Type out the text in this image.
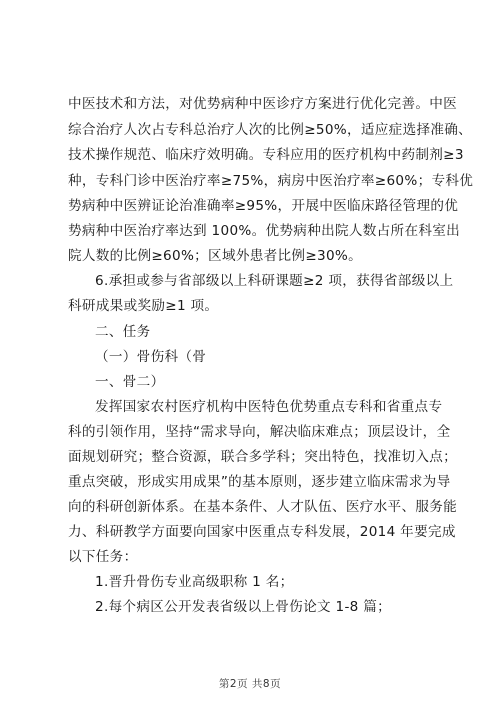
中医技术和方法，对优势病种中医诊疗方案进行优化完善。中医
综合治疗人次占专科总治疗人次的比例≥50%，适应症选择准确、
技术操作规范、临床疗效明确。专科应用的医疗机构中药制剂≥3
种，专科门诊中医治疗率≥75%，病房中医治疗率≥60%；专科优
势病种中医辨证论治准确率≥95%，开展中医临床路径管理的优
势病种中医治疗率达到 100%。优势病种出院人数占所在科室出
院人数的比例≥60%；区域外患者比例≥30%。
6.承担或参与省部级以上科研课题≥2 项，获得省部级以上
科研成果或奖励≥1 项。
二、任务
（一）骨伤科（骨
一、骨二）
发挥国家农村医疗机构中医特色优势重点专科和省重点专
科的引领作用，坚持“需求导向，解决临床难点；顶层设计，全
面规划研究；整合资源，联合多学科；突出特色，找准切入点；
重点突破，形成实用成果”的基本原则，逐步建立临床需求为导
向的科研创新体系。在基本条件、人才队伍、医疗水平、服务能
力、科研教学方面要向国家中医重点专科发展，2014 年要完成
以下任务：
1.晋升骨伤专业高级职称 1 名；
2.每个病区公开发表省级以上骨伤论文 1-8 篇；
第2页 共8页
